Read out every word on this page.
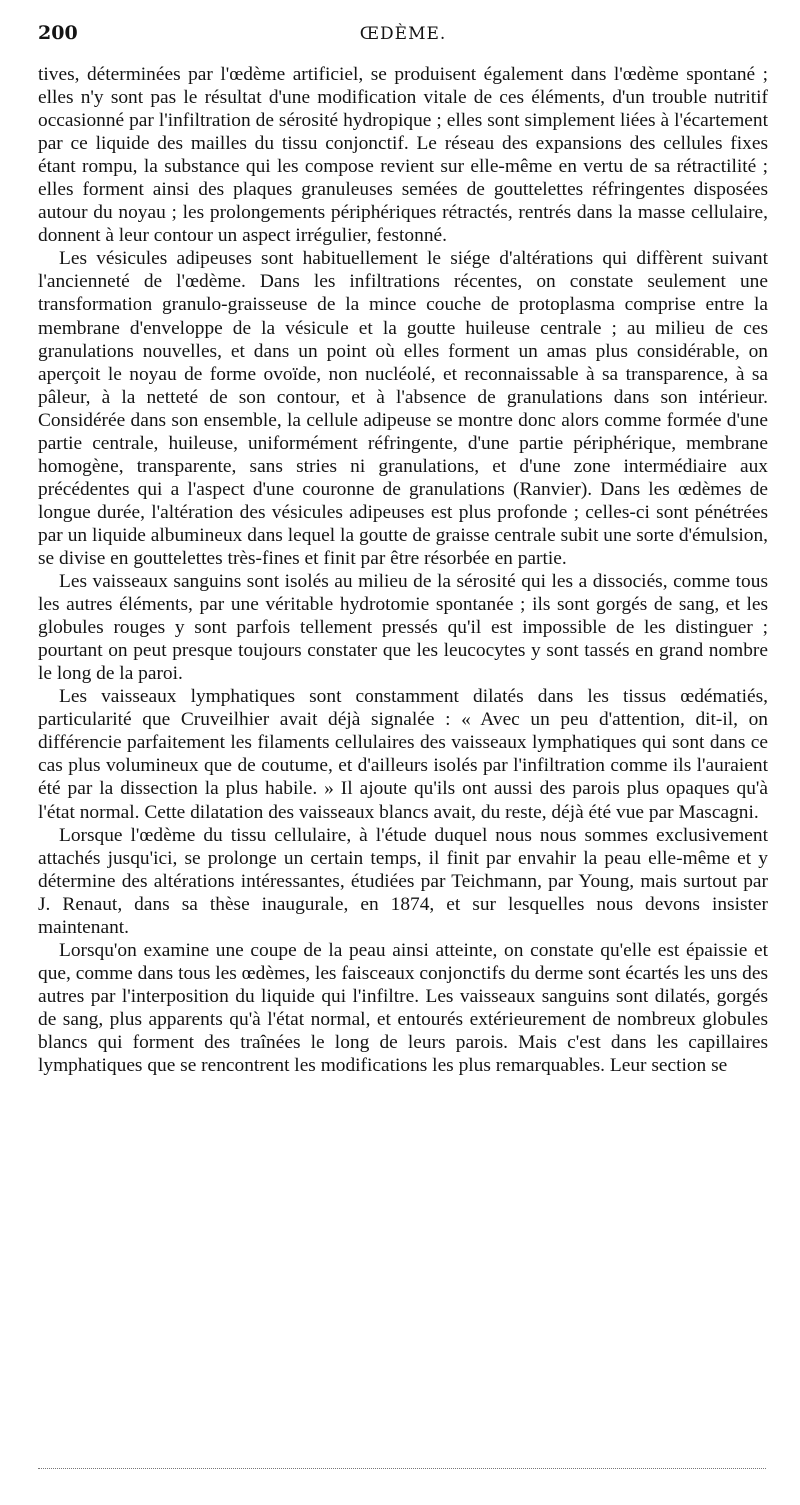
200	ŒDÈME.

tives, déterminées par l'œdème artificiel, se produisent également dans l'œdème spontané ; elles n'y sont pas le résultat d'une modification vitale de ces éléments, d'un trouble nutritif occasionné par l'infiltration de sérosité hydropique ; elles sont simplement liées à l'écartement par ce liquide des mailles du tissu conjonctif. Le réseau des expansions des cellules fixes étant rompu, la substance qui les compose revient sur elle-même en vertu de sa rétractilité ; elles forment ainsi des plaques granuleuses semées de gouttelettes réfringentes disposées autour du noyau ; les prolongements périphériques rétractés, rentrés dans la masse cellulaire, donnent à leur contour un aspect irrégulier, festonné.

Les vésicules adipeuses sont habituellement le siége d'altérations qui diffèrent suivant l'ancienneté de l'œdème. Dans les infiltrations récentes, on constate seulement une transformation granulo-graisseuse de la mince couche de protoplasma comprise entre la membrane d'enveloppe de la vésicule et la goutte huileuse centrale ; au milieu de ces granulations nouvelles, et dans un point où elles forment un amas plus considérable, on aperçoit le noyau de forme ovoïde, non nucléolé, et reconnaissable à sa transparence, à sa pâleur, à la netteté de son contour, et à l'absence de granulations dans son intérieur. Considérée dans son ensemble, la cellule adipeuse se montre donc alors comme formée d'une partie centrale, huileuse, uniformément réfringente, d'une partie périphérique, membrane homogène, transparente, sans stries ni granulations, et d'une zone intermédiaire aux précédentes qui a l'aspect d'une couronne de granulations (Ranvier). Dans les œdèmes de longue durée, l'altération des vésicules adipeuses est plus profonde ; celles-ci sont pénétrées par un liquide albumineux dans lequel la goutte de graisse centrale subit une sorte d'émulsion, se divise en gouttelettes très-fines et finit par être résorbée en partie.

Les vaisseaux sanguins sont isolés au milieu de la sérosité qui les a dissociés, comme tous les autres éléments, par une véritable hydrotomie spontanée ; ils sont gorgés de sang, et les globules rouges y sont parfois tellement pressés qu'il est impossible de les distinguer ; pourtant on peut presque toujours constater que les leucocytes y sont tassés en grand nombre le long de la paroi.

Les vaisseaux lymphatiques sont constamment dilatés dans les tissus œdématiés, particularité que Cruveilhier avait déjà signalée : « Avec un peu d'attention, dit-il, on différencie parfaitement les filaments cellulaires des vaisseaux lymphatiques qui sont dans ce cas plus volumineux que de coutume, et d'ailleurs isolés par l'infiltration comme ils l'auraient été par la dissection la plus habile. » Il ajoute qu'ils ont aussi des parois plus opaques qu'à l'état normal. Cette dilatation des vaisseaux blancs avait, du reste, déjà été vue par Mascagni.

Lorsque l'œdème du tissu cellulaire, à l'étude duquel nous nous sommes exclusivement attachés jusqu'ici, se prolonge un certain temps, il finit par envahir la peau elle-même et y détermine des altérations intéressantes, étudiées par Teichmann, par Young, mais surtout par J. Renaut, dans sa thèse inaugurale, en 1874, et sur lesquelles nous devons insister maintenant.

Lorsqu'on examine une coupe de la peau ainsi atteinte, on constate qu'elle est épaissie et que, comme dans tous les œdèmes, les faisceaux conjonctifs du derme sont écartés les uns des autres par l'interposition du liquide qui l'infiltre. Les vaisseaux sanguins sont dilatés, gorgés de sang, plus apparents qu'à l'état normal, et entourés extérieurement de nombreux globules blancs qui forment des traînées le long de leurs parois. Mais c'est dans les capillaires lymphatiques que se rencontrent les modifications les plus remarquables. Leur section se
